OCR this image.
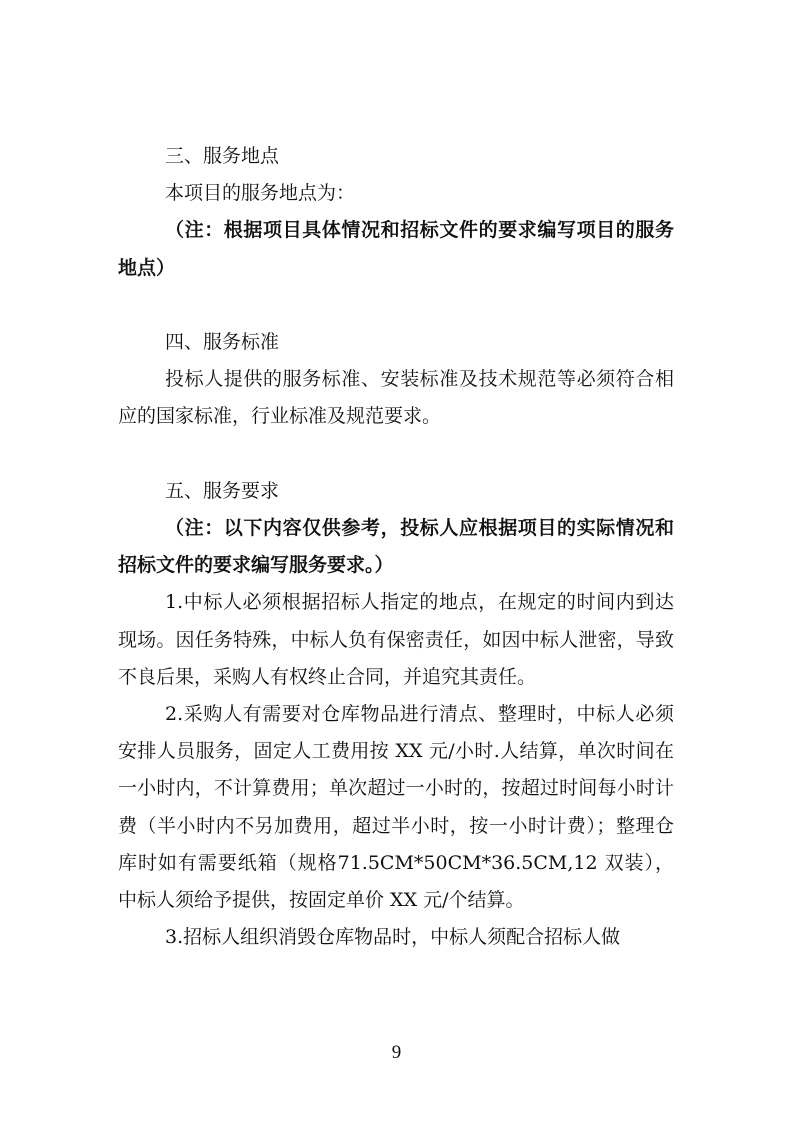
三、服务地点

本项目的服务地点为：

（注：根据项目具体情况和招标文件的要求编写项目的服务地点）

四、服务标准

投标人提供的服务标准、安装标准及技术规范等必须符合相应的国家标准，行业标准及规范要求。

五、服务要求

（注：以下内容仅供参考，投标人应根据项目的实际情况和招标文件的要求编写服务要求。）

1.中标人必须根据招标人指定的地点，在规定的时间内到达现场。因任务特殊，中标人负有保密责任，如因中标人泄密，导致不良后果，采购人有权终止合同，并追究其责任。

2.采购人有需要对仓库物品进行清点、整理时，中标人必须安排人员服务，固定人工费用按 XX 元/小时.人结算，单次时间在一小时内，不计算费用；单次超过一小时的，按超过时间每小时计费（半小时内不另加费用，超过半小时，按一小时计费）；整理仓库时如有需要纸箱（规格71.5CM*50CM*36.5CM,12 双装），中标人须给予提供，按固定单价 XX 元/个结算。

3.招标人组织消毁仓库物品时，中标人须配合招标人做

9
